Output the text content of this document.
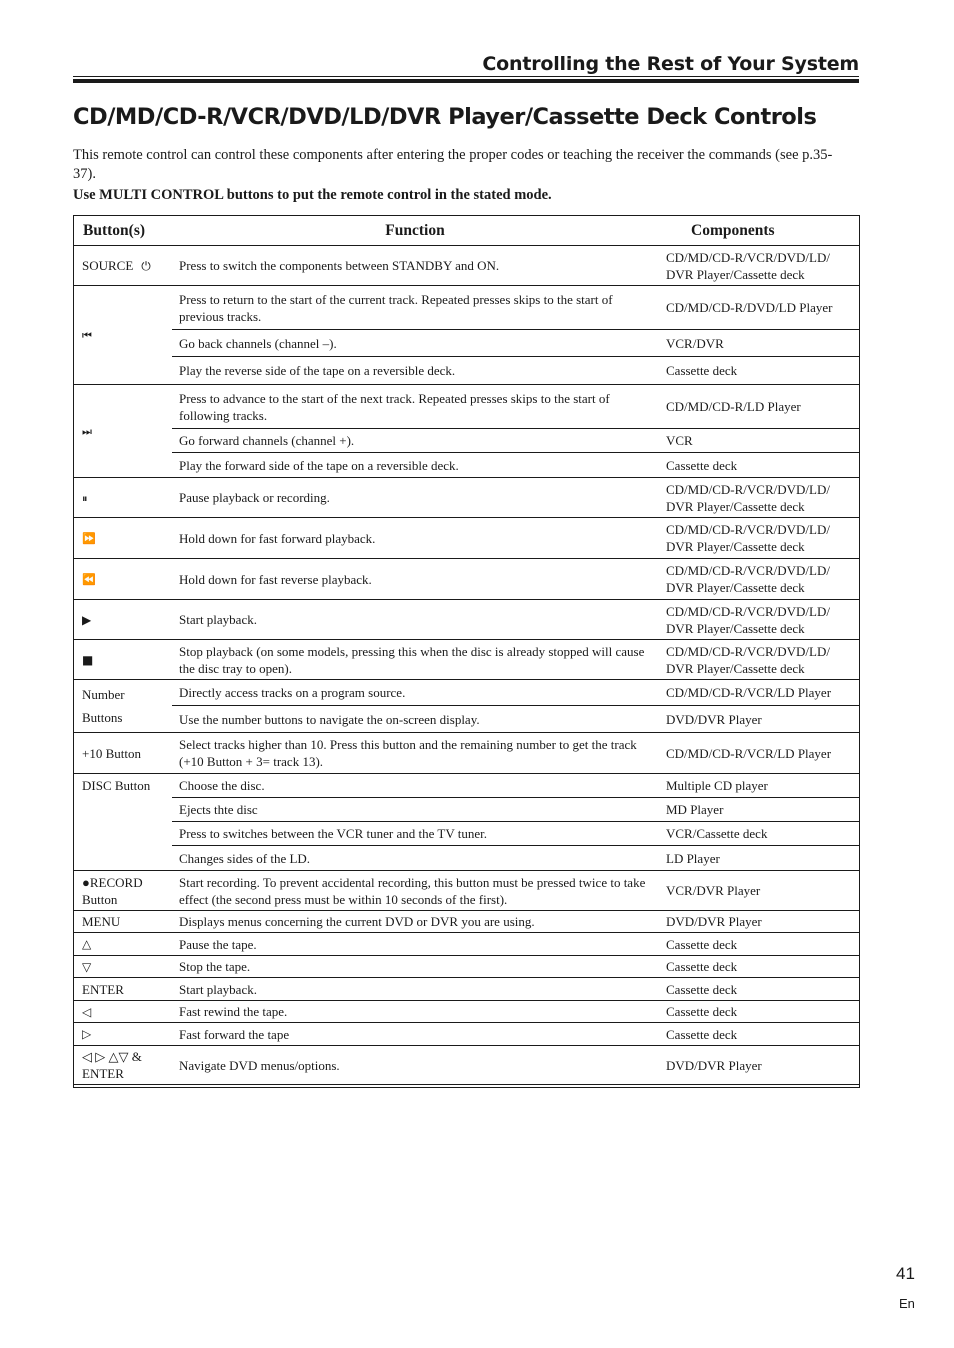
Controlling the Rest of Your System
CD/MD/CD-R/VCR/DVD/LD/DVR Player/Cassette Deck Controls
This remote control can control these components after entering the proper codes or teaching the receiver the commands (see p.35-37).
Use MULTI CONTROL buttons to put the remote control in the stated mode.
Button(s)	Function	Components
SOURCE ⏻	Press to switch the components between STANDBY and ON.	CD/MD/CD-R/VCR/DVD/LD/ DVR Player/Cassette deck
⏮	Press to return to the start of the current track. Repeated presses skips to the start of previous tracks.	CD/MD/CD-R/DVD/LD Player
	Go back channels (channel –).	VCR/DVR
	Play the reverse side of the tape on a reversible deck.	Cassette deck
⏭	Press to advance to the start of the next track. Repeated presses skips to the start of following tracks.	CD/MD/CD-R/LD Player
	Go forward channels (channel +).	VCR
	Play the forward side of the tape on a reversible deck.	Cassette deck
⏸	Pause playback or recording.	CD/MD/CD-R/VCR/DVD/LD/ DVR Player/Cassette deck
⏩	Hold down for fast forward playback.	CD/MD/CD-R/VCR/DVD/LD/ DVR Player/Cassette deck
⏪	Hold down for fast reverse playback.	CD/MD/CD-R/VCR/DVD/LD/ DVR Player/Cassette deck
▶	Start playback.	CD/MD/CD-R/VCR/DVD/LD/ DVR Player/Cassette deck
■	Stop playback (on some models, pressing this when the disc is already stopped will cause the disc tray to open).	CD/MD/CD-R/VCR/DVD/LD/ DVR Player/Cassette deck
Number Buttons	Directly access tracks on a program source.	CD/MD/CD-R/VCR/LD Player
	Use the number buttons to navigate the on-screen display.	DVD/DVR Player
+10 Button	Select tracks higher than 10. Press this button and the remaining number to get the track (+10 Button + 3= track 13).	CD/MD/CD-R/VCR/LD Player
DISC Button	Choose the disc.	Multiple CD player
	Ejects thte disc	MD Player
	Press to switches between the VCR tuner and the TV tuner.	VCR/Cassette deck
	Changes sides of the LD.	LD Player
●RECORD Button	Start recording. To prevent accidental recording, this button must be pressed twice to take effect (the second press must be within 10 seconds of the first).	VCR/DVR Player
MENU	Displays menus concerning the current DVD or DVR you are using.	DVD/DVR Player
△	Pause the tape.	Cassette deck
▽	Stop the tape.	Cassette deck
ENTER	Start playback.	Cassette deck
◁	Fast rewind the tape.	Cassette deck
▷	Fast forward the tape	Cassette deck
◁ ▷ △▽ & ENTER	Navigate DVD menus/options.	DVD/DVR Player
41
En
